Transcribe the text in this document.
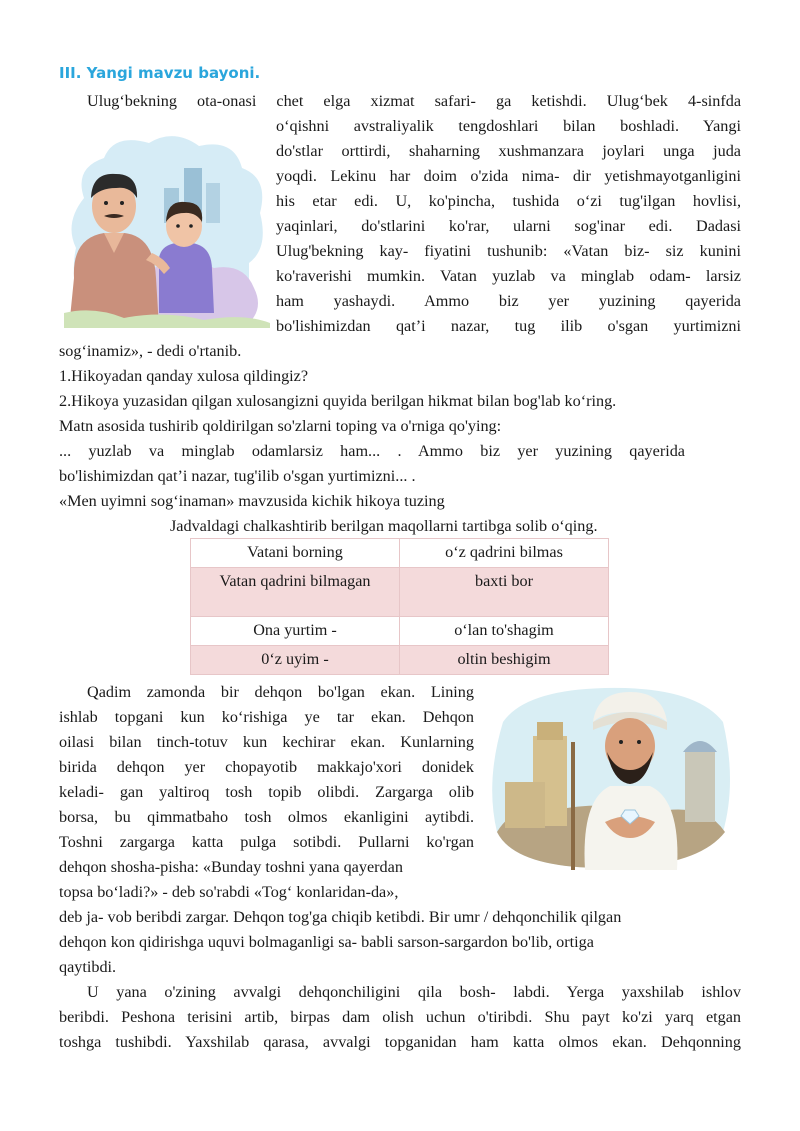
III. Yangi mavzu bayoni.
Ulug‘bekning ota-onasi chet elga xizmat safari- ga ketishdi. Ulug‘bek 4-sinfda
o‘qishni avstraliyalik tengdoshlari bilan boshladi. Yangi
do'stlar orttirdi, shaharning xushmanzara joylari unga juda
yoqdi. Lekinu har doim o'zida nima- dir yetishmayotganligini
his etar edi. U, ko'pincha, tushida o‘zi tug'ilgan hovlisi,
yaqinlari, do'stlarini ko'rar, ularni sog'inar edi. Dadasi
Ulug'bekning kay- fiyatini tushunib: «Vatan biz- siz kunini
ko'raverishi mumkin. Vatan yuzlab va minglab odam- larsiz
ham yashaydi. Ammo biz yer yuzining qayerida
bo'lishimizdan qat’i nazar, tug ilib o'sgan yurtimizni
sog‘inamiz», - dedi o'rtanib.
1.Hikoyadan qanday xulosa qildingiz?
2.Hikoya yuzasidan qilgan xulosangizni quyida berilgan hikmat bilan bog'lab ko‘ring.
Matn asosida tushirib qoldirilgan so'zlarni toping va o'rniga qo'ying:
... yuzlab va minglab odamlarsiz ham... . Ammo biz yer yuzining qayerida
bo'lishimizdan qat’i nazar, tug'ilib o'sgan yurtimizni... .
«Men uyimni sog‘inaman» mavzusida kichik hikoya tuzing
Jadvaldagi chalkashtirib berilgan maqollarni tartibga solib o‘qing.
Vatani borning	o‘z qadrini bilmas
Vatan qadrini bilmagan	baxti bor
Ona yurtim -	o‘lan to'shagim
0‘z uyim -	oltin beshigim
Qadim zamonda bir dehqon bo'lgan ekan. Lining
ishlab topgani kun ko‘rishiga ye tar ekan. Dehqon
oilasi bilan tinch-totuv kun kechirar ekan. Kunlarning
birida dehqon yer chopayotib makkajo'xori donidek
keladi- gan yaltiroq tosh topib olibdi. Zargarga olib
borsa, bu qimmatbaho tosh olmos ekanligini aytibdi.
Toshni zargarga katta pulga sotibdi. Pullarni ko'rgan
dehqon shosha-pisha: «Bunday toshni yana qayerdan
topsa bo‘ladi?» - deb so'rabdi «Tog‘ konlaridan-da»,
deb ja- vob beribdi zargar. Dehqon tog'ga chiqib ketibdi. Bir umr / dehqonchilik qilgan
dehqon kon qidirishga uquvi bolmaganligi sa- babli sarson-sargardon bo'lib, ortiga
qaytibdi.
U yana o'zining avvalgi dehqonchiligini qila bosh- labdi. Yerga yaxshilab ishlov
beribdi. Peshona terisini artib, birpas dam olish uchun o'tiribdi. Shu payt ko'zi yarq etgan
toshga tushibdi. Yaxshilab qarasa, avvalgi topganidan ham katta olmos ekan. Dehqonning
